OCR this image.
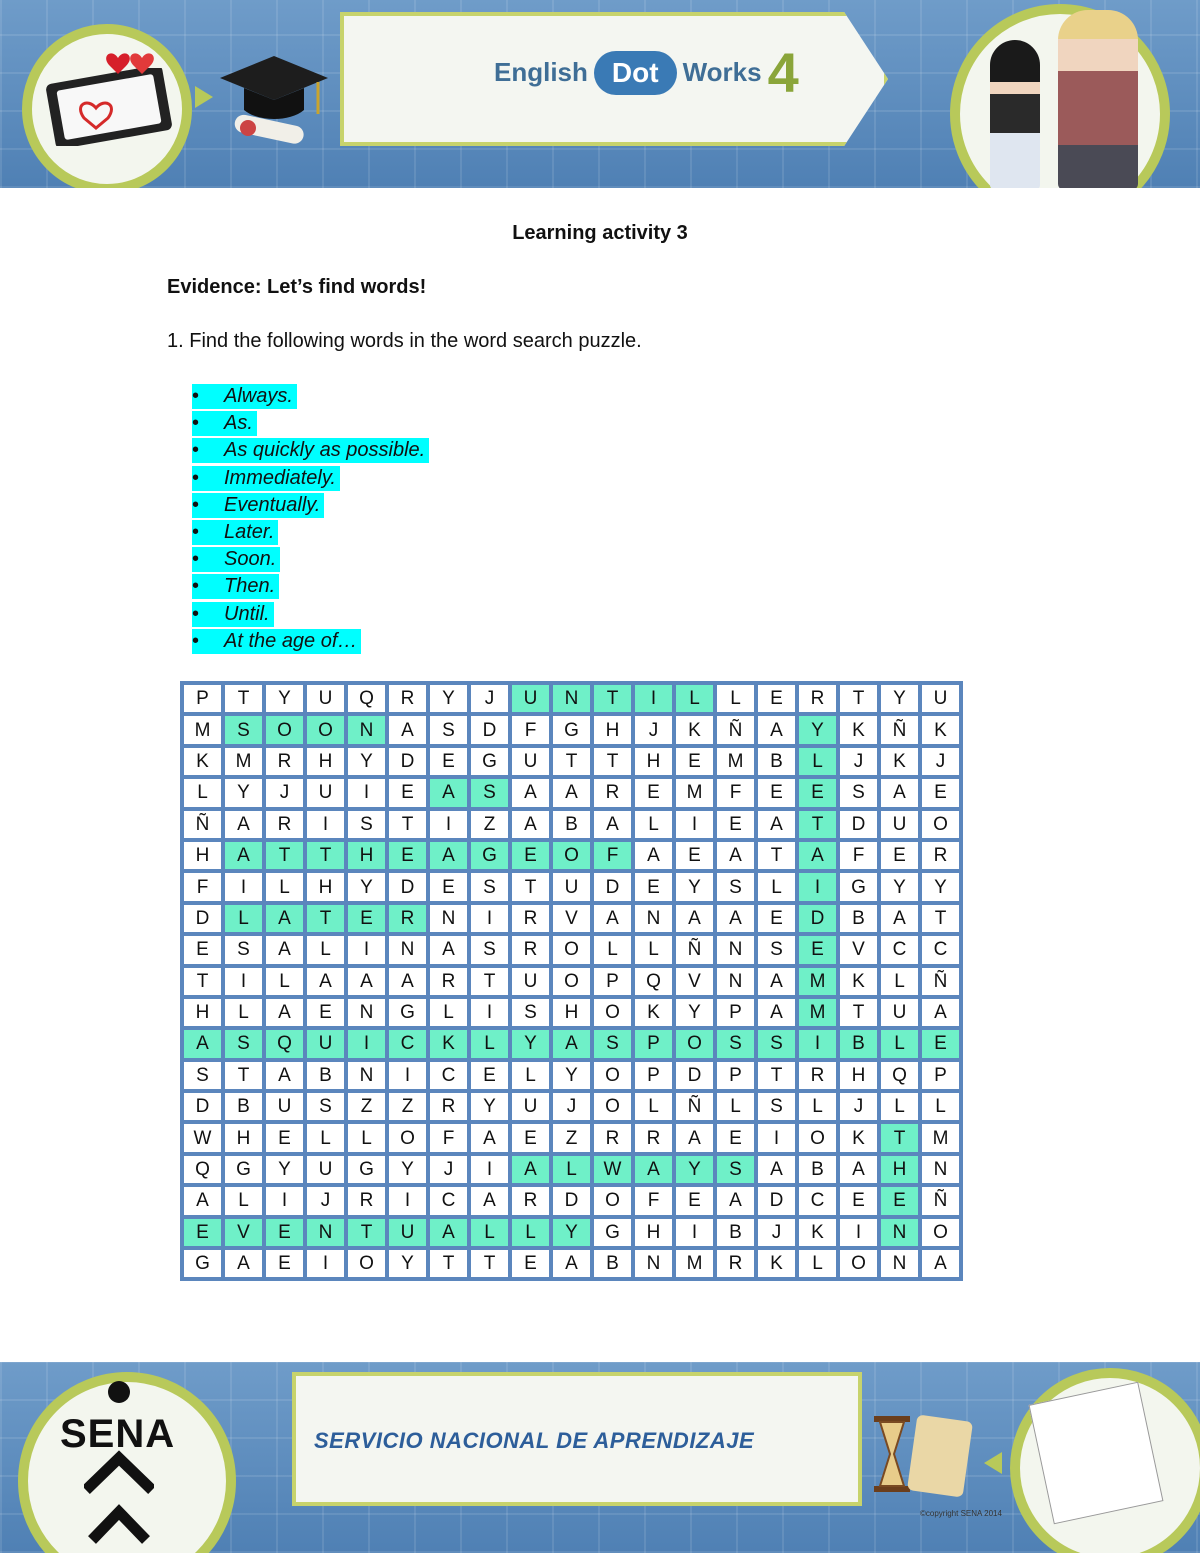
English Dot Works 4
Learning activity 3
Evidence: Let’s find words!
1. Find the following words in the word search puzzle.
• Always.
• As.
• As quickly as possible.
• Immediately.
• Eventually.
• Later.
• Soon.
• Then.
• Until.
• At the age of…
P	T	Y	U	Q	R	Y	J	U	N	T	I	L	L	E	R	T	Y	U
M	S	O	O	N	A	S	D	F	G	H	J	K	Ñ	A	Y	K	Ñ	K
K	M	R	H	Y	D	E	G	U	T	T	H	E	M	B	L	J	K	J
L	Y	J	U	I	E	A	S	A	A	R	E	M	F	E	E	S	A	E
Ñ	A	R	I	S	T	I	Z	A	B	A	L	I	E	A	T	D	U	O
H	A	T	T	H	E	A	G	E	O	F	A	E	A	T	A	F	E	R
F	I	L	H	Y	D	E	S	T	U	D	E	Y	S	L	I	G	Y	Y
D	L	A	T	E	R	N	I	R	V	A	N	A	A	E	D	B	A	T
E	S	A	L	I	N	A	S	R	O	L	L	Ñ	N	S	E	V	C	C
T	I	L	A	A	A	R	T	U	O	P	Q	V	N	A	M	K	L	Ñ
H	L	A	E	N	G	L	I	S	H	O	K	Y	P	A	M	T	U	A
A	S	Q	U	I	C	K	L	Y	A	S	P	O	S	S	I	B	L	E
S	T	A	B	N	I	C	E	L	Y	O	P	D	P	T	R	H	Q	P
D	B	U	S	Z	Z	R	Y	U	J	O	L	Ñ	L	S	L	J	L	L
W	H	E	L	L	O	F	A	E	Z	R	R	A	E	I	O	K	T	M
Q	G	Y	U	G	Y	J	I	A	L	W	A	Y	S	A	B	A	H	N
A	L	I	J	R	I	C	A	R	D	O	F	E	A	D	C	E	E	Ñ
E	V	E	N	T	U	A	L	L	Y	G	H	I	B	J	K	I	N	O
G	A	E	I	O	Y	T	T	E	A	B	N	M	R	K	L	O	N	A
SENA	SERVICIO NACIONAL DE APRENDIZAJE
©copyright SENA 2014
